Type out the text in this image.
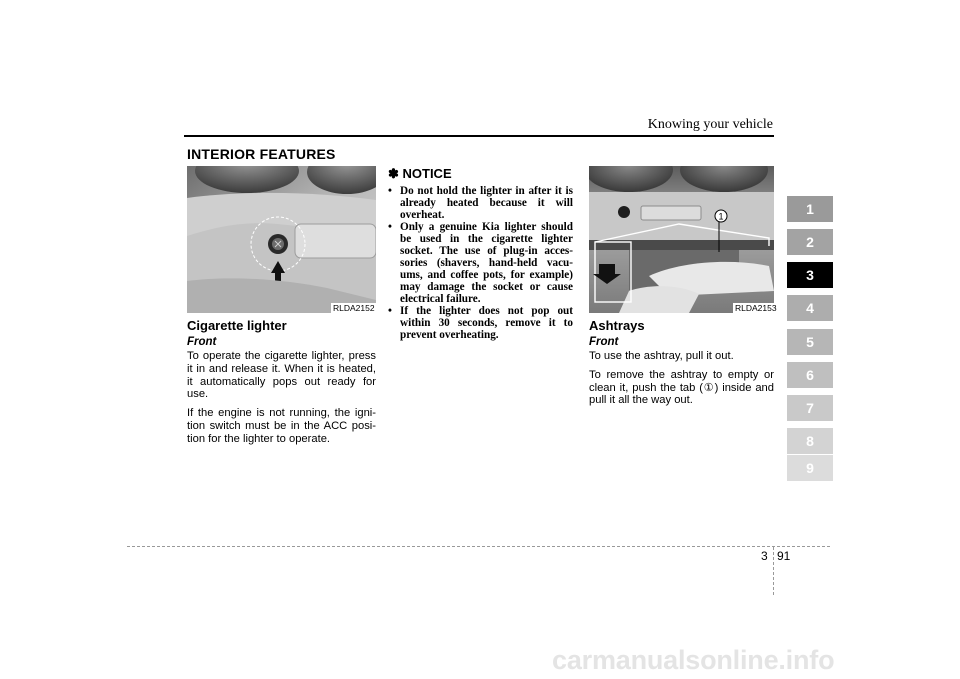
Knowing your vehicle
INTERIOR FEATURES
RLDA2152
Cigarette lighter
Front

To operate the cigarette lighter, press it in and release it. When it is heated, it automatically pops out ready for use.

If the engine is not running, the igni-tion switch must be in the ACC posi-tion for the lighter to operate.

✽ NOTICE
• Do not hold the lighter in after it is already heated because it will overheat.
• Only a genuine Kia lighter should be used in the cigarette lighter socket. The use of plug-in acces-sories (shavers, hand-held vacu-ums, and coffee pots, for example) may damage the socket or cause electrical failure.
• If the lighter does not pop out within 30 seconds, remove it to prevent overheating.
1
RLDA2153
Ashtrays
Front

To use the ashtray, pull it out.

To remove the ashtray to empty or clean it, push the tab (①) inside and pull it all the way out.

1
2
3
4
5
6
7
8
9
3 91
carmanualsonline.info
